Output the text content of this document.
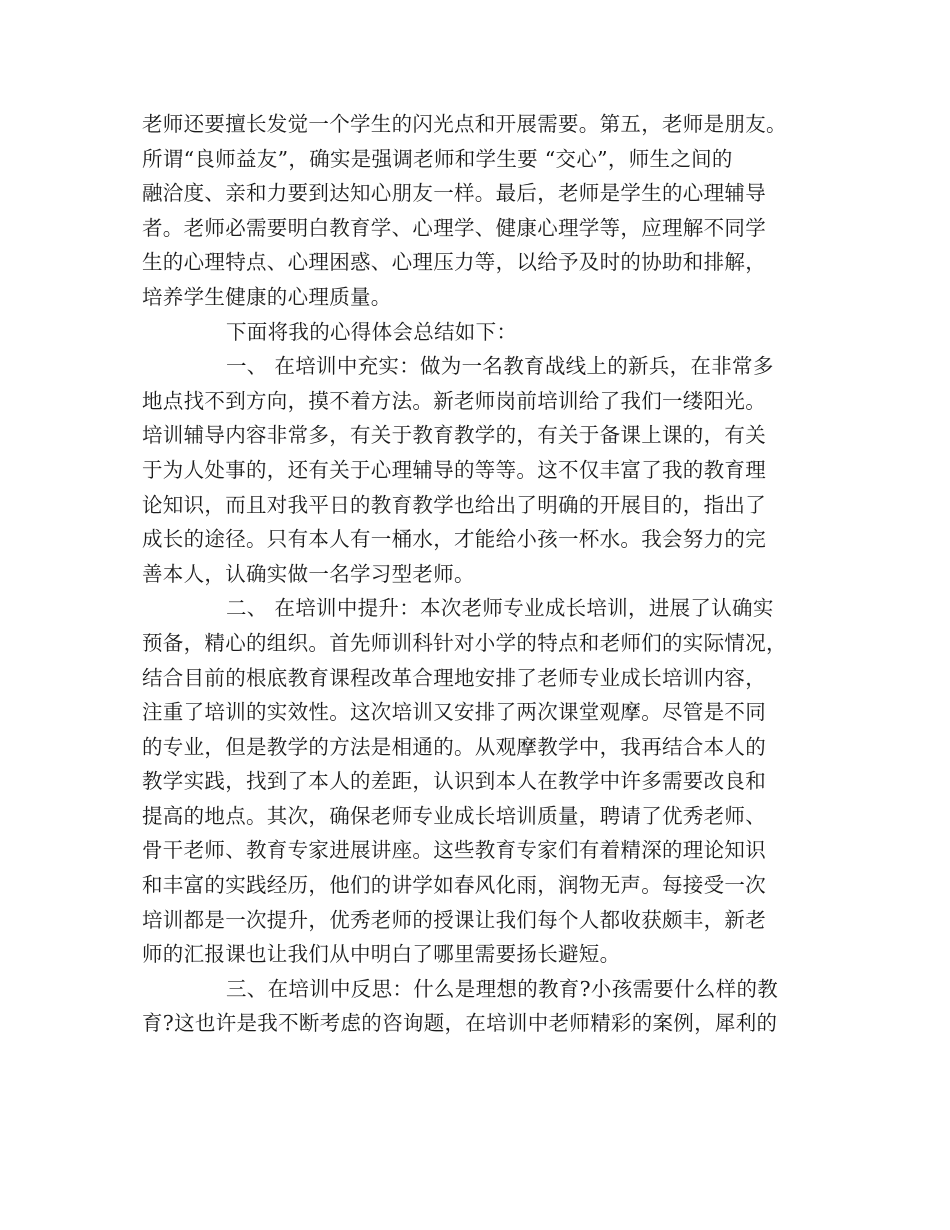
老师还要擅长发觉一个学生的闪光点和开展需要。第五，老师是朋友。
所谓“良师益友”，确实是强调老师和学生要 “交心”，师生之间的
融洽度、亲和力要到达知心朋友一样。最后，老师是学生的心理辅导
者。老师必需要明白教育学、心理学、健康心理学等，应理解不同学
生的心理特点、心理困惑、心理压力等，以给予及时的协助和排解，
培养学生健康的心理质量。
下面将我的心得体会总结如下：
一、 在培训中充实：做为一名教育战线上的新兵，在非常多
地点找不到方向，摸不着方法。新老师岗前培训给了我们一缕阳光。
培训辅导内容非常多，有关于教育教学的，有关于备课上课的，有关
于为人处事的，还有关于心理辅导的等等。这不仅丰富了我的教育理
论知识，而且对我平日的教育教学也给出了明确的开展目的，指出了
成长的途径。只有本人有一桶水，才能给小孩一杯水。我会努力的完
善本人，认确实做一名学习型老师。
二、 在培训中提升：本次老师专业成长培训，进展了认确实
预备，精心的组织。首先师训科针对小学的特点和老师们的实际情况，
结合目前的根底教育课程改革合理地安排了老师专业成长培训内容，
注重了培训的实效性。这次培训又安排了两次课堂观摩。尽管是不同
的专业，但是教学的方法是相通的。从观摩教学中，我再结合本人的
教学实践，找到了本人的差距，认识到本人在教学中许多需要改良和
提高的地点。其次，确保老师专业成长培训质量，聘请了优秀老师、
骨干老师、教育专家进展讲座。这些教育专家们有着精深的理论知识
和丰富的实践经历，他们的讲学如春风化雨，润物无声。每接受一次
培训都是一次提升，优秀老师的授课让我们每个人都收获颇丰，新老
师的汇报课也让我们从中明白了哪里需要扬长避短。
三、在培训中反思：什么是理想的教育?小孩需要什么样的教
育?这也许是我不断考虑的咨询题，在培训中老师精彩的案例，犀利的
